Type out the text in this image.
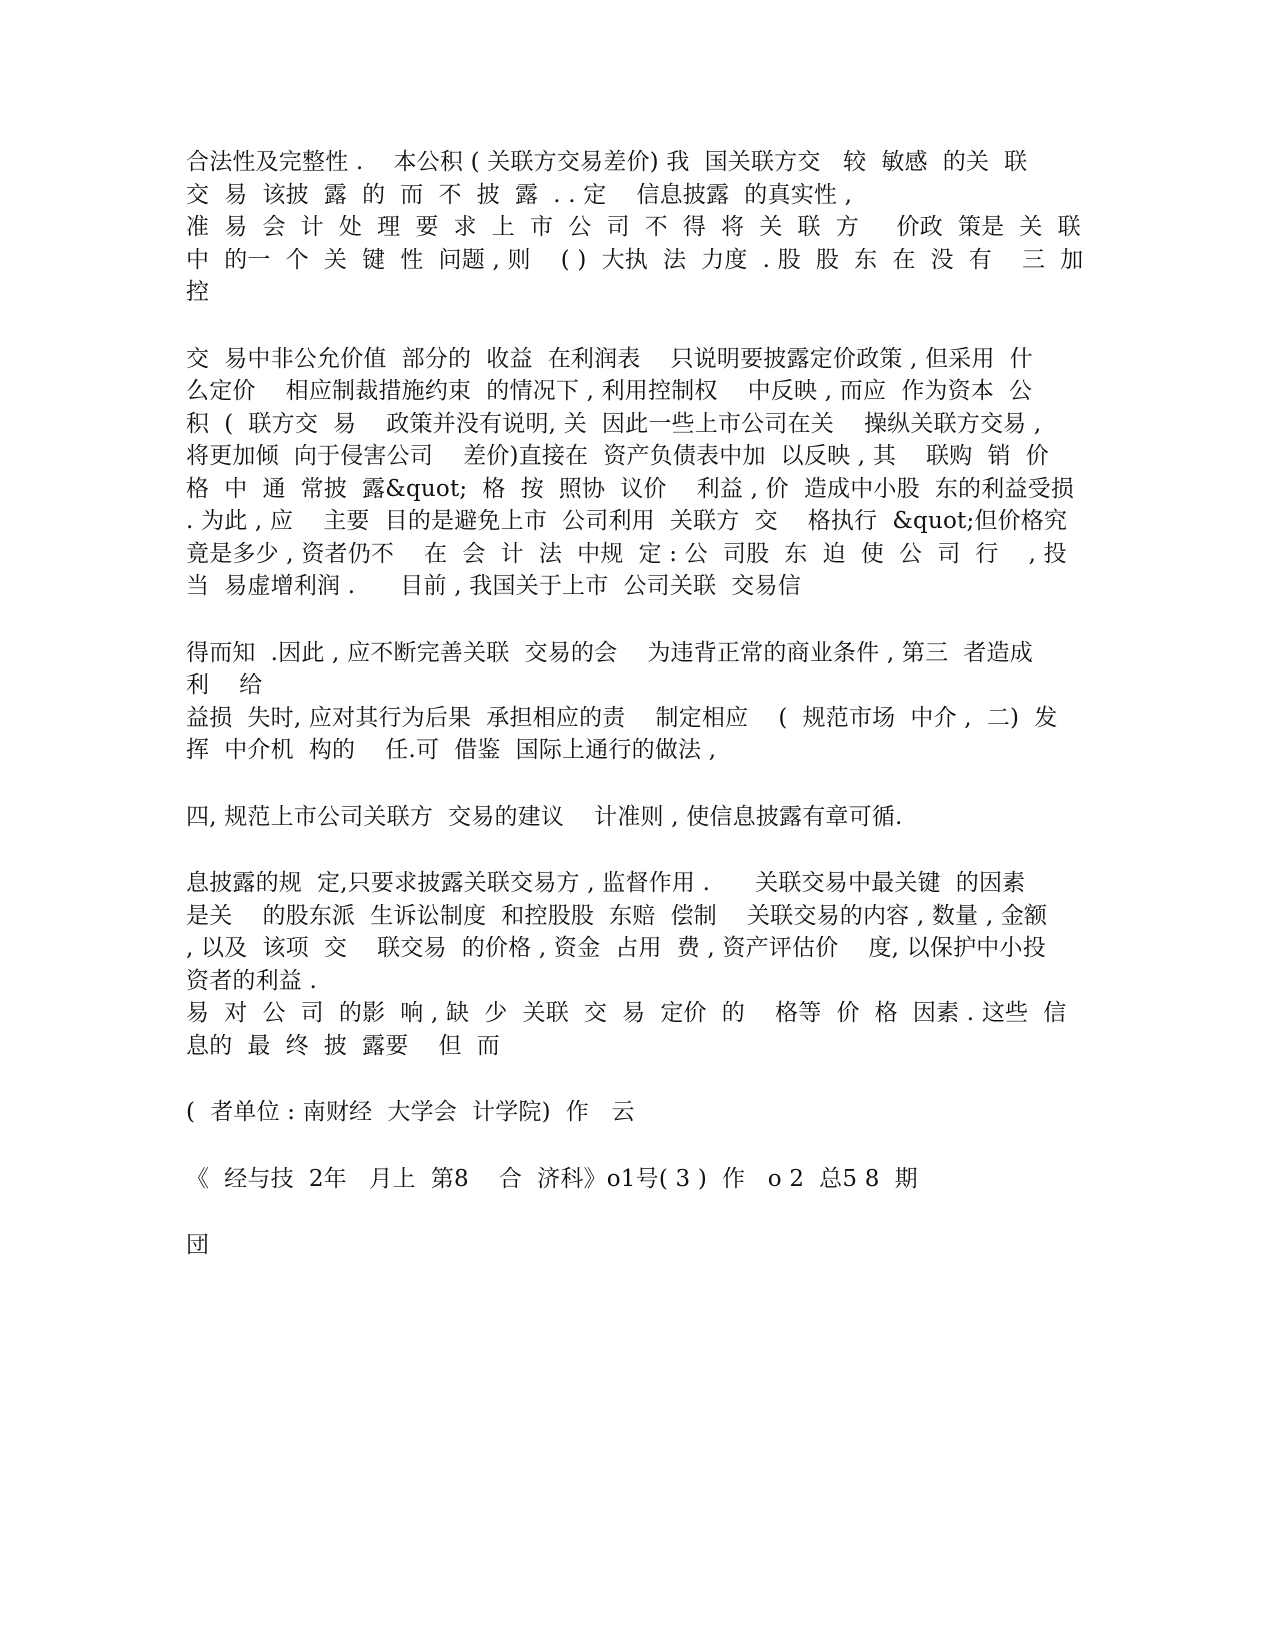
合法性及完整性 .    本公积 ( 关联方交易差价) 我  国关联方交   较  敏感  的关  联
交  易  该披  露  的  而  不  披  露  . . 定    信息披露  的真实性 ,
准  易  会  计  处  理  要  求  上  市  公  司  不  得  将  关  联  方     价政  策是  关  联
中  的一  个  关  键  性  问题 , 则    ( )  大执  法  力度  . 股  股  东  在  没  有    三  加
控
交  易中非公允价值  部分的  收益  在利润表    只说明要披露定价政策 , 但采用  什
么定价    相应制裁措施约束  的情况下 , 利用控制权    中反映 , 而应  作为资本  公
积  (  联方交  易    政策并没有说明, 关  因此一些上市公司在关    操纵关联方交易 ,
将更加倾  向于侵害公司    差价)直接在  资产负债表中加  以反映 , 其    联购  销  价
格  中  通  常披  露&quot;  格  按  照协  议价    利益 , 价  造成中小股  东的利益受损
. 为此 , 应    主要  目的是避免上市  公司利用  关联方  交    格执行  &quot;但价格究
竟是多少 , 资者仍不    在  会  计  法  中规  定 : 公  司股  东  迫  使  公  司  行    , 投
当  易虚增利润 .      目前 , 我国关于上市  公司关联  交易信
得而知  .因此 , 应不断完善关联  交易的会    为违背正常的商业条件 , 第三  者造成
利    给
益损  失时, 应对其行为后果  承担相应的责    制定相应    (  规范市场  中介 ,  二)  发
挥  中介机  构的    任.可  借鉴  国际上通行的做法 ,
四, 规范上市公司关联方  交易的建议    计准则 , 使信息披露有章可循.
息披露的规  定,只要求披露关联交易方 , 监督作用 .      关联交易中最关键  的因素
是关    的股东派  生诉讼制度  和控股股  东赔  偿制    关联交易的内容 , 数量 , 金额
, 以及  该项  交    联交易  的价格 , 资金  占用  费 , 资产评估价    度, 以保护中小投
资者的利益 .
易  对  公  司  的影  响 , 缺  少  关联  交  易  定价  的    格等  价  格  因素 . 这些  信
息的  最  终  披  露要    但  而
(  者单位 : 南财经  大学会  计学院)  作   云
《  经与技  2年   月上  第8    合  济科》o1号( 3 )  作   o 2  总5 8  期
団
